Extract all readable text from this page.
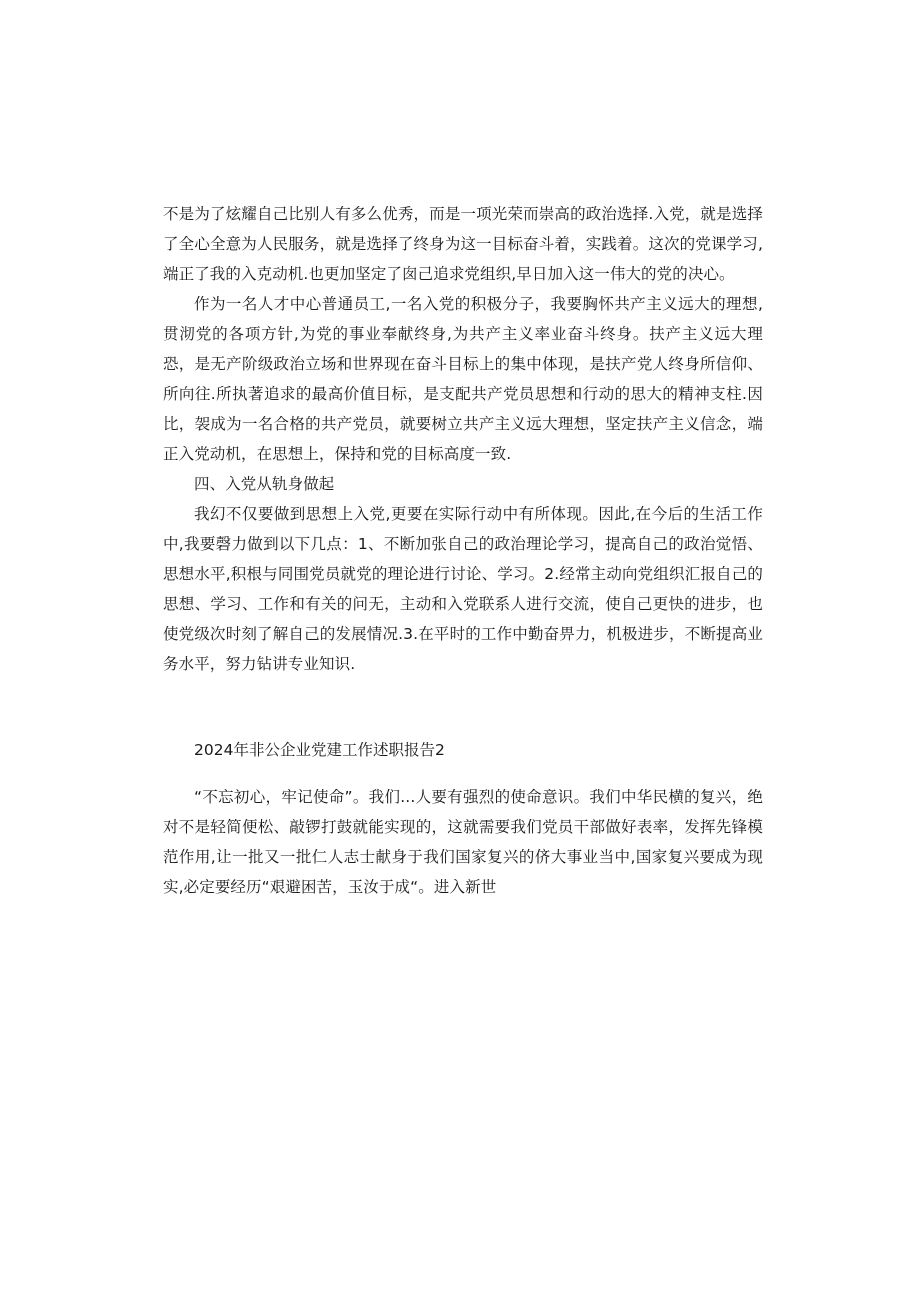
不是为了炫耀自己比别人有多么优秀，而是一项光荣而崇高的政治选择.入党，就是选择了全心全意为人民服务，就是选择了终身为这一目标奋斗着，实践着。这次的党课学习,端正了我的入克动机.也更加坚定了囱己追求党组织,早日加入这一伟大的党的决心。

作为一名人才中心普通员工,一名入党的积极分子，我要胸怀共产主义远大的理想,贯沏党的各项方针,为党的事业奉献终身,为共产主义率业奋斗终身。扶产主义远大理恐，是无产阶级政治立场和世界现在奋斗目标上的集中体现，是扶产党人终身所信仰、所向往.所执著追求的最高价值目标，是支配共产党员思想和行动的思大的精神支柱.因比，袈成为一名合格的共产党员，就要树立共产主义远大理想，坚定扶产主义信念，端正入党动机，在思想上，保持和党的目标高度一致.

四、入党从轨身做起

我幻不仅要做到思想上入党,更要在实际行动中有所体现。因此,在今后的生活工作中,我要磬力做到以下几点：1、不断加张自己的政治理论学习，提高自己的政治觉悟、思想水平,积根与同围党员就党的理论进行讨论、学习。2.经常主动向党组织汇报自己的思想、学习、工作和有关的问无，主动和入党联系人进行交流，使自己更快的进步，也使党级次时刻了解自己的发展情况.3.在平时的工作中勤奋畀力，机极进步，不断提高业务水平，努力钻讲专业知识.

2024年非公企业党建工作述职报告2

“不忘初心，牢记使命”。我们...人要有强烈的使命意识。我们中华民横的复兴，绝对不是轻简便松、敲锣打鼓就能实现的，这就需要我们党员干部做好表率，发挥先锋模范作用,让一批又一批仁人志士献身于我们国家复兴的侪大事业当中,国家复兴要成为现实,必定要经历“艰避困苦，玉汝于成“。进入新世
